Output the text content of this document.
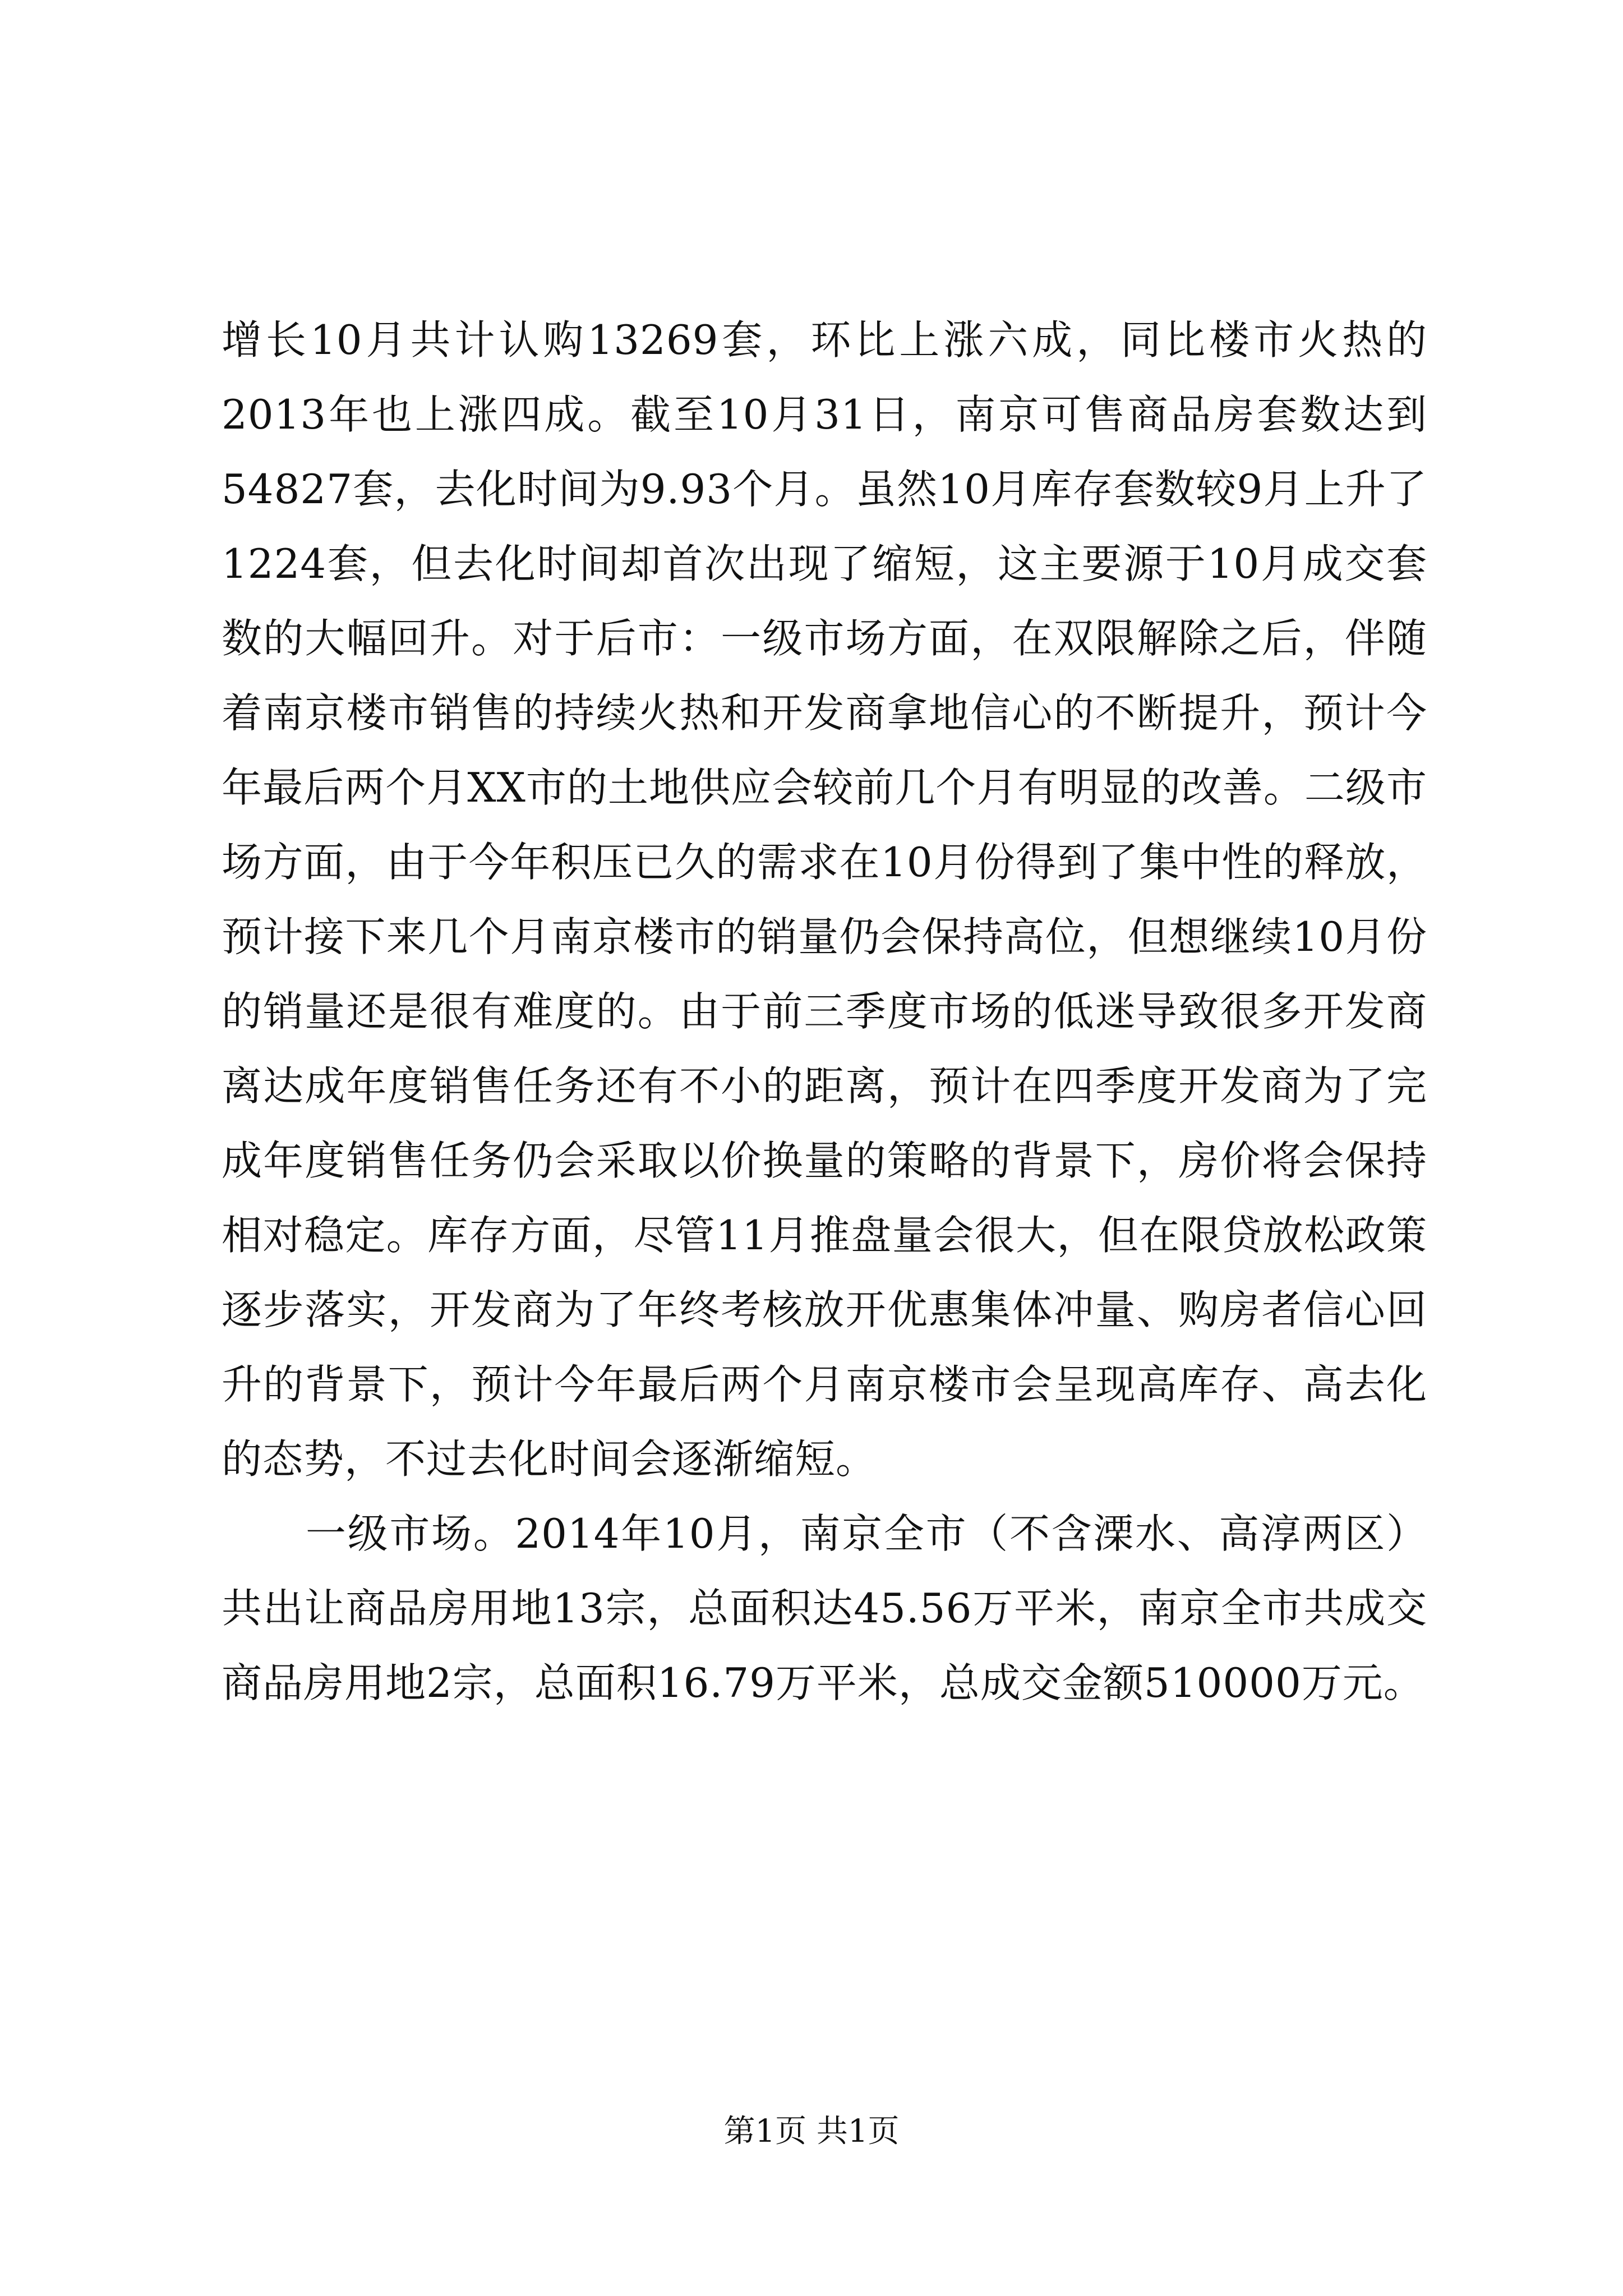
增长10月共计认购13269套，环比上涨六成，同比楼市火热的2013年也上涨四成。截至10月31日，南京可售商品房套数达到54827套，去化时间为9.93个月。虽然10月库存套数较9月上升了1224套，但去化时间却首次出现了缩短，这主要源于10月成交套数的大幅回升。对于后市：一级市场方面，在双限解除之后，伴随着南京楼市销售的持续火热和开发商拿地信心的不断提升，预计今年最后两个月XX市的土地供应会较前几个月有明显的改善。二级市场方面，由于今年积压已久的需求在10月份得到了集中性的释放，预计接下来几个月南京楼市的销量仍会保持高位，但想继续10月份的销量还是很有难度的。由于前三季度市场的低迷导致很多开发商离达成年度销售任务还有不小的距离，预计在四季度开发商为了完成年度销售任务仍会采取以价换量的策略的背景下，房价将会保持相对稳定。库存方面，尽管11月推盘量会很大，但在限贷放松政策逐步落实，开发商为了年终考核放开优惠集体冲量、购房者信心回升的背景下，预计今年最后两个月南京楼市会呈现高库存、高去化的态势，不过去化时间会逐渐缩短。

一级市场。2014年10月，南京全市（不含溧水、高淳两区）共出让商品房用地13宗，总面积达45.56万平米，南京全市共成交商品房用地2宗，总面积16.79万平米，总成交金额510000万元。

第1页 共1页
